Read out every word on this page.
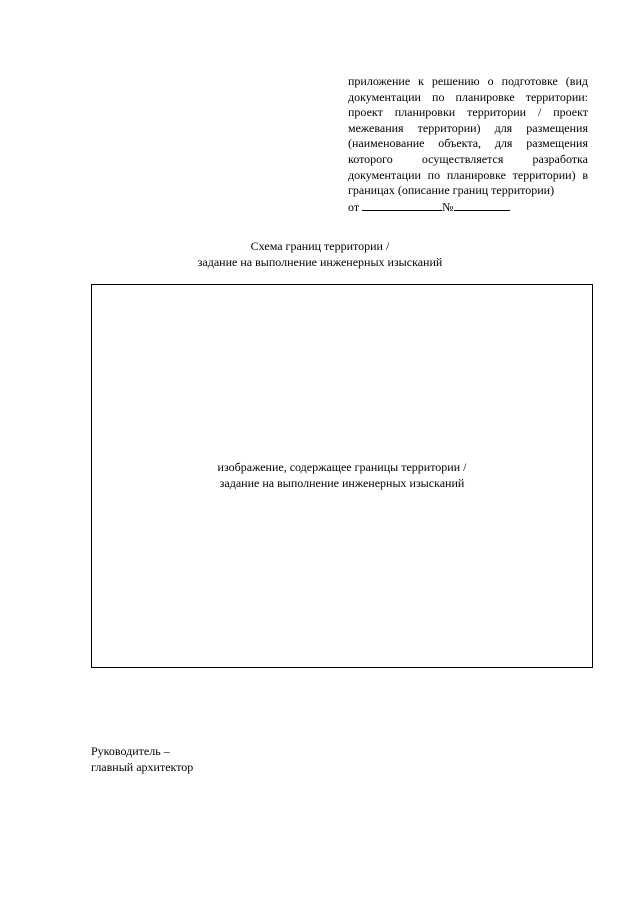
приложение к решению о подготовке (вид документации по планировке территории: проект планировки территории / проект межевания территории) для размещения (наименование объекта, для размещения которого осуществляется разработка документации по планировке территории) в границах (описание границ территории)

от	№

Схема границ территории /
задание на выполнение инженерных изысканий
изображение, содержащее границы территории /
задание на выполнение инженерных изысканий
Руководитель –
главный архитектор
